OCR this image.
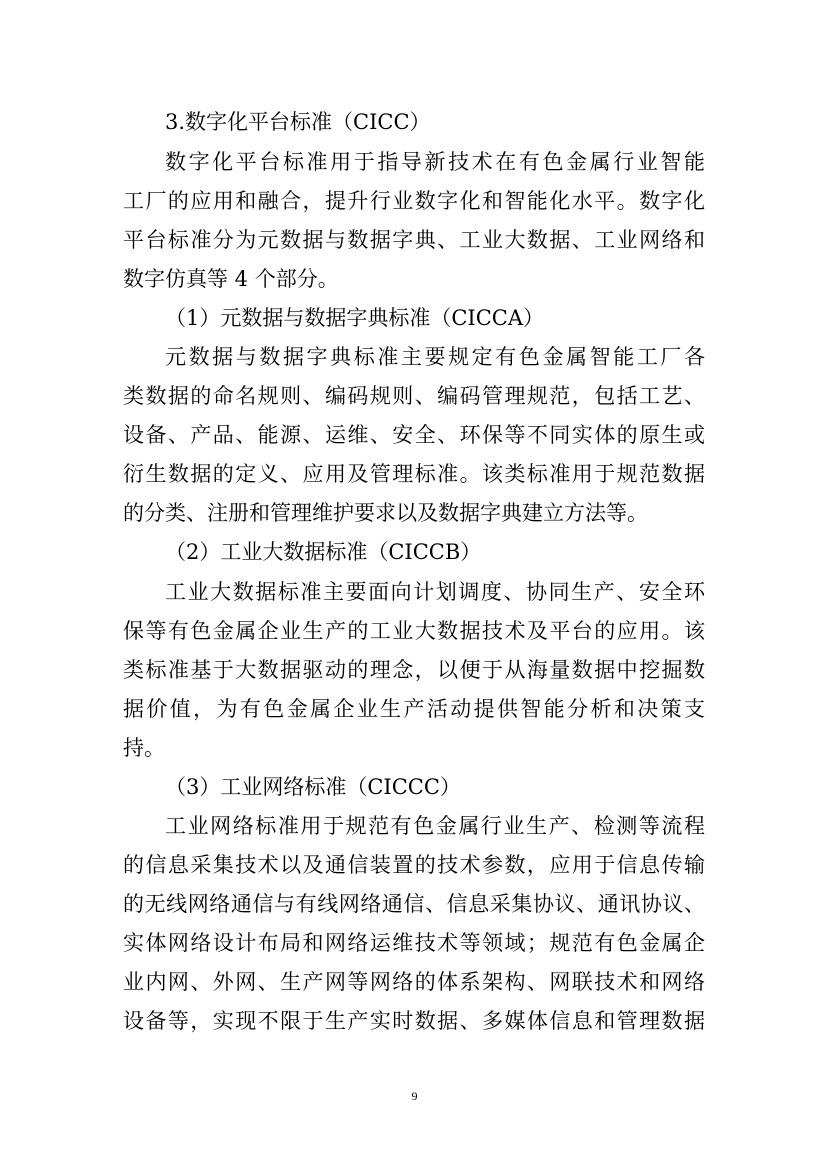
3.数字化平台标准（CICC）
数字化平台标准用于指导新技术在有色金属行业智能
工厂的应用和融合，提升行业数字化和智能化水平。数字化
平台标准分为元数据与数据字典、工业大数据、工业网络和
数字仿真等 4 个部分。
（1）元数据与数据字典标准（CICCA）
元数据与数据字典标准主要规定有色金属智能工厂各
类数据的命名规则、编码规则、编码管理规范，包括工艺、
设备、产品、能源、运维、安全、环保等不同实体的原生或
衍生数据的定义、应用及管理标准。该类标准用于规范数据
的分类、注册和管理维护要求以及数据字典建立方法等。
（2）工业大数据标准（CICCB）
工业大数据标准主要面向计划调度、协同生产、安全环
保等有色金属企业生产的工业大数据技术及平台的应用。该
类标准基于大数据驱动的理念，以便于从海量数据中挖掘数
据价值，为有色金属企业生产活动提供智能分析和决策支
持。
（3）工业网络标准（CICCC）
工业网络标准用于规范有色金属行业生产、检测等流程
的信息采集技术以及通信装置的技术参数，应用于信息传输
的无线网络通信与有线网络通信、信息采集协议、通讯协议、
实体网络设计布局和网络运维技术等领域；规范有色金属企
业内网、外网、生产网等网络的体系架构、网联技术和网络
设备等，实现不限于生产实时数据、多媒体信息和管理数据
9
